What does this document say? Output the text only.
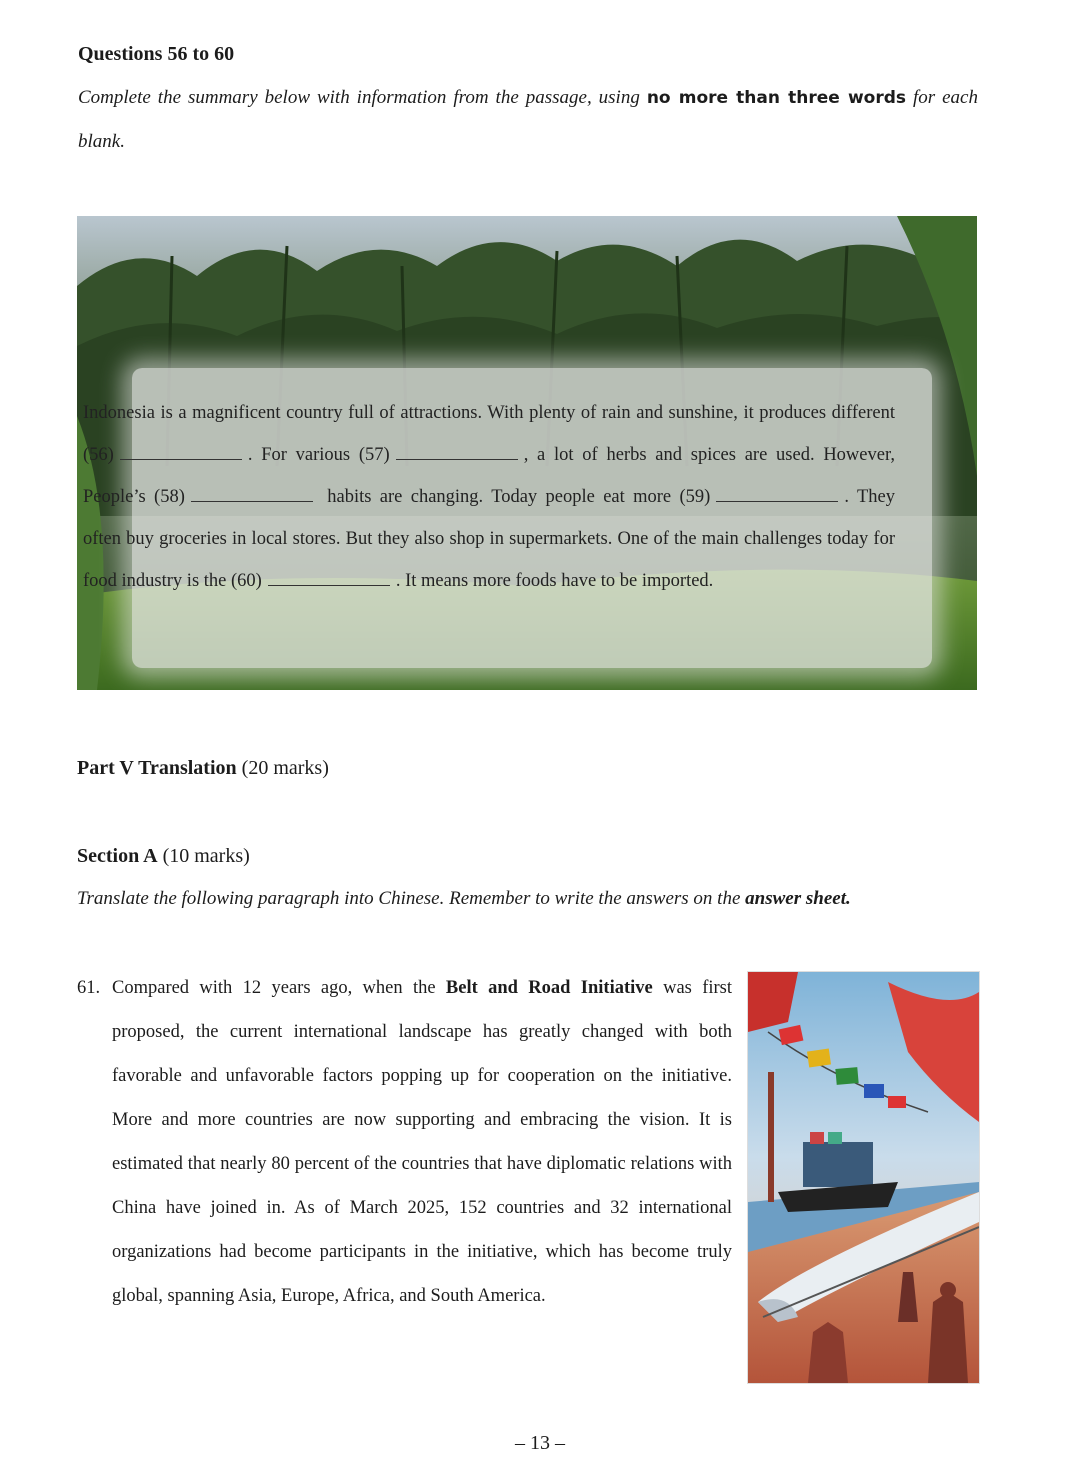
Questions 56 to 60
Complete the summary below with information from the passage, using no more than three words for each blank.
Indonesia is a magnificent country full of attractions. With plenty of rain and sunshine, it produces different (56)	. For various (57)	, a lot of herbs and spices are used. However, People’s (58)	habits are changing. Today people eat more (59)	. They often buy groceries in local stores. But they also shop in supermarkets. One of the main challenges today for food industry is the (60)	. It means more foods have to be imported.
Part V Translation (20 marks)
Section A (10 marks)
Translate the following paragraph into Chinese. Remember to write the answers on the answer sheet.
61. Compared with 12 years ago, when the Belt and Road Initiative was first proposed, the current international landscape has greatly changed with both favorable and unfavorable factors popping up for cooperation on the initiative. More and more countries are now supporting and embracing the vision. It is estimated that nearly 80 percent of the countries that have diplomatic relations with China have joined in. As of March 2025, 152 countries and 32 international organizations had become participants in the initiative, which has become truly global, spanning Asia, Europe, Africa, and South America.
– 13 –
